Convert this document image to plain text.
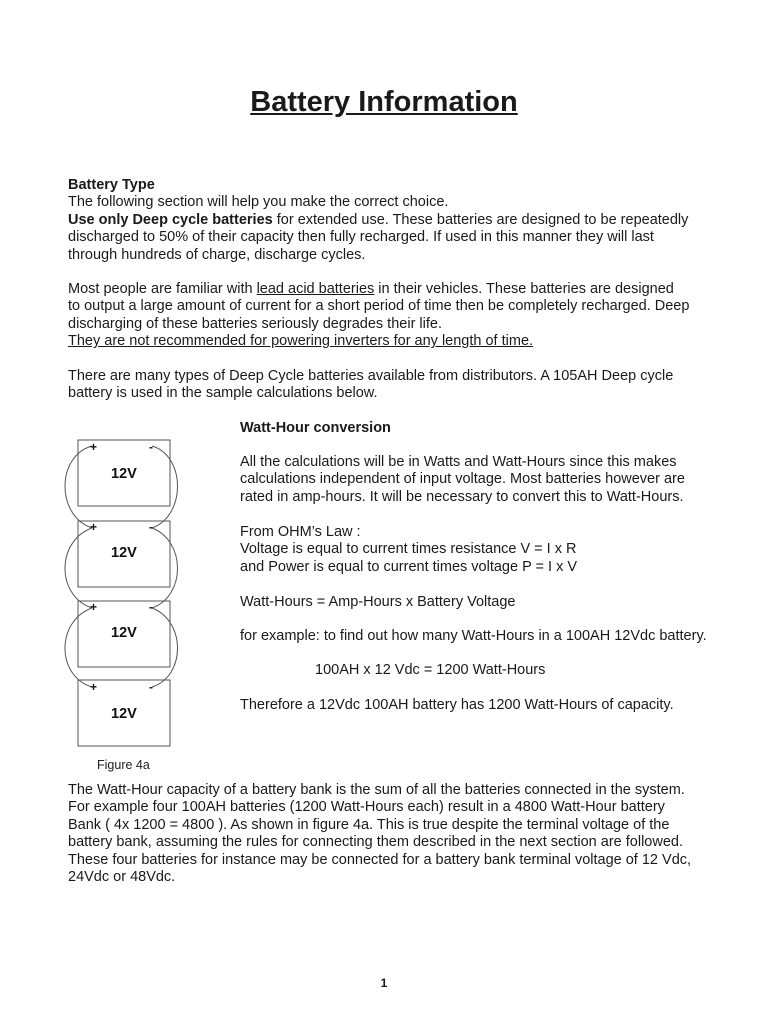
Battery Information
Battery Type
The following section will help you make the correct choice.
Use only Deep cycle batteries for extended use. These batteries are designed to be repeatedly
discharged to 50% of their capacity then fully recharged. If used in this manner they will last
through hundreds of charge, discharge cycles.
Most people are familiar with lead acid batteries in their vehicles. These batteries are designed
to output a large amount of current for a short period of time then be completely recharged. Deep
discharging of these batteries seriously degrades their life.
They are not recommended for powering inverters for any length of time.
There are many types of Deep Cycle batteries available from distributors. A 105AH Deep cycle
battery is used in the sample calculations below.
Watt-Hour conversion
All the calculations will be in Watts and Watt-Hours since this makes
calculations independent of input voltage. Most batteries however are
rated in amp-hours. It will be necessary to convert this to Watt-Hours.
From OHM’s Law :
Voltage is equal to current times resistance V = I x R
and Power is equal to current times voltage P = I x V
Watt-Hours = Amp-Hours x Battery Voltage
for example: to find out how many Watt-Hours in a 100AH 12Vdc battery.
100AH x 12 Vdc = 1200 Watt-Hours
Therefore a 12Vdc 100AH battery has 1200 Watt-Hours of capacity.
+	-
12V
+	-
12V
+	-
12V
+	-
12V
Figure 4a
The Watt-Hour capacity of a battery bank is the sum of all the batteries connected in the system.
For example four 100AH batteries (1200 Watt-Hours each) result in a 4800 Watt-Hour battery
Bank ( 4x 1200 = 4800 ). As shown in figure 4a. This is true despite the terminal voltage of the
battery bank, assuming the rules for connecting them described in the next section are followed.
These four batteries for instance may be connected for a battery bank terminal voltage of 12 Vdc,
24Vdc or 48Vdc.
1
